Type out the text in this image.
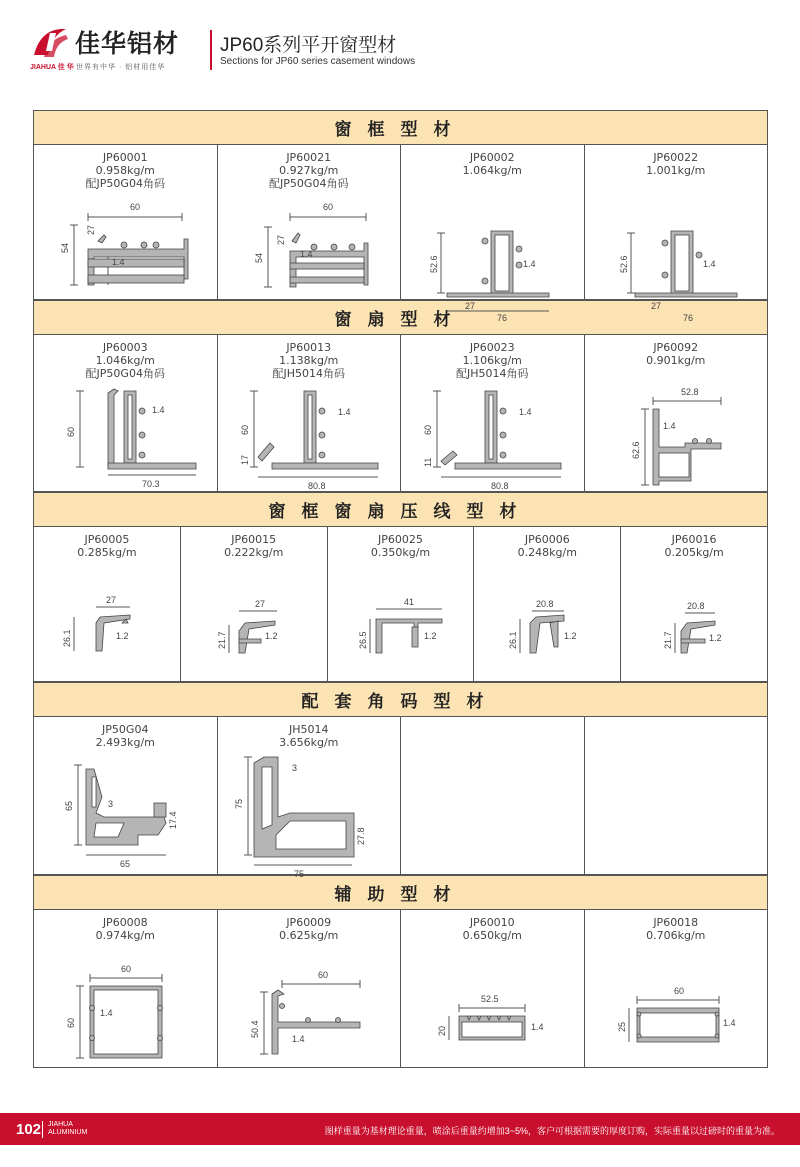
佳华铝材
JIAHUA 佳 华 世界有中华 · 铝材用佳华
JP60系列平开窗型材
Sections for JP60 series casement windows
窗框型材
JP60001
0.958kg/m
配JP50G04角码
60
54
27
1.4
JP60021
0.927kg/m
配JP50G04角码
60
54
27
1.4
JP60002
1.064kg/m
52.6
27
76
1.4
JP60022
1.001kg/m
52.6
27
76
1.4
窗扇型材
JP60003
1.046kg/m
配JP50G04角码
60
70.3
1.4
JP60013
1.138kg/m
配JH5014角码
60
17
80.8
1.4
JP60023
1.106kg/m
配JH5014角码
60
11
80.8
1.4
JP60092
0.901kg/m
52.8
62.6
1.4
窗框窗扇压线型材
JP60005
0.285kg/m
27
26.1	1.2
JP60015
0.222kg/m
27
21.7	1.2
JP60025
0.350kg/m
41
26.5	1.2
JP60006
0.248kg/m
20.8
26.1	1.2
JP60016
0.205kg/m
20.8
21.7	1.2
配套角码型材
JP50G04
2.493kg/m
65	3
17.4
65
JH5014
3.656kg/m
75
3
27.8
75
辅助型材
JP60008
0.974kg/m
60
60
1.4
JP60009
0.625kg/m
60
50.4
1.4
JP60010
0.650kg/m
52.5
20	1.4
JP60018
0.706kg/m
60
25	1.4
102 JIAHUA
ALUMINIUM	图样重量为基材理论重量，喷涂后重量约增加3~5%，客户可根据需要的厚度订购，实际重量以过磅时的重量为准。
